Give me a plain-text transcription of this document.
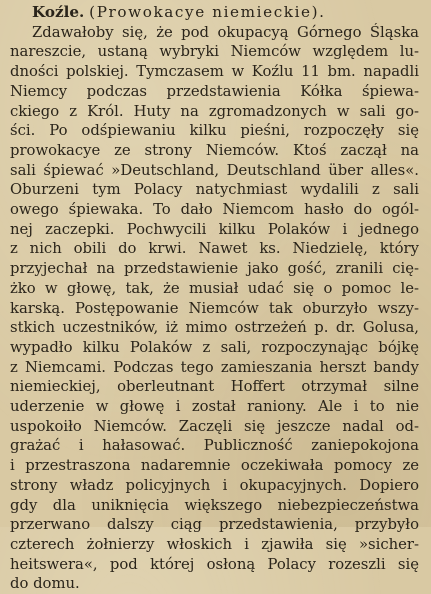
Koźle. (Prowokacye niemieckie).
Zdawałoby się, że pod okupacyą Górnego Śląska
nareszcie, ustaną wybryki Niemców względem lu-
dności polskiej. Tymczasem w Koźlu 11 bm. napadli
Niemcy podczas przedstawienia Kółka śpiewa-
ckiego z Król. Huty na zgromadzonych w sali go-
ści. Po odśpiewaniu kilku pieśni, rozpoczęły się
prowokacye ze strony Niemców. Ktoś zaczął na
sali śpiewać »Deutschland, Deutschland über alles«.
Oburzeni tym Polacy natychmiast wydalili z sali
owego śpiewaka. To dało Niemcom hasło do ogól-
nej zaczepki. Pochwycili kilku Polaków i jednego
z nich obili do krwi. Nawet ks. Niedzielę, który
przyjechał na przedstawienie jako gość, zranili cię-
żko w głowę, tak, że musiał udać się o pomoc le-
karską. Postępowanie Niemców tak oburzyło wszy-
stkich uczestników, iż mimo ostrzeżeń p. dr. Golusa,
wypadło kilku Polaków z sali, rozpoczynając bójkę
z Niemcami. Podczas tego zamieszania herszt bandy
niemieckiej, oberleutnant Hoffert otrzymał silne
uderzenie w głowę i został raniony. Ale i to nie
uspokoiło Niemców. Zaczęli się jeszcze nadal od-
grażać i hałasować. Publiczność zaniepokojona
i przestraszona nadaremnie oczekiwała pomocy ze
strony władz policyjnych i okupacyjnych. Dopiero
gdy dla uniknięcia większego niebezpieczeństwa
przerwano dalszy ciąg przedstawienia, przybyło
czterech żołnierzy włoskich i zjawiła się »sicher-
heitswera«, pod której osłoną Polacy rozeszli się
do domu.
